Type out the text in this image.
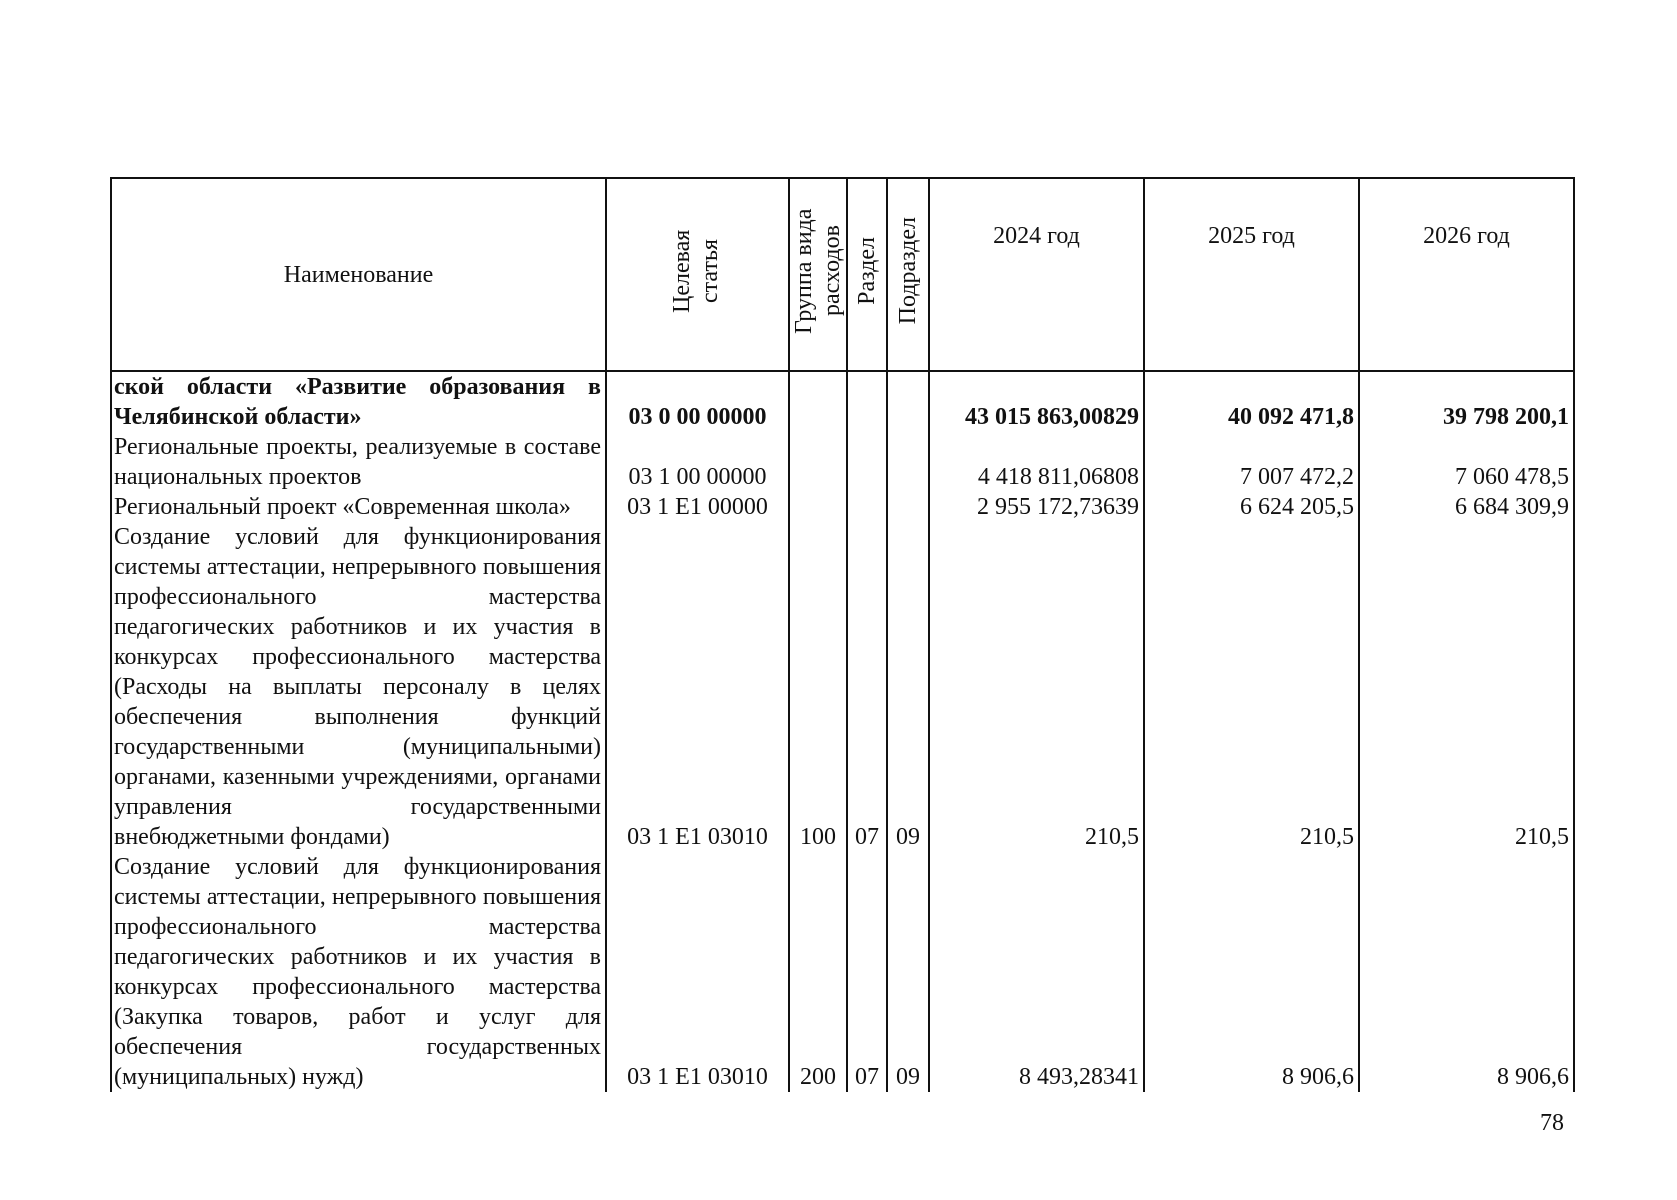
Наименование	Целевая статья	Группа вида расходов	Раздел	Подраздел	2024 год	2025 год	2026 год
ской области «Развитие образования в Челябинской области»	03 0 00 00000				43 015 863,00829	40 092 471,8	39 798 200,1
Региональные проекты, реализуемые в составе национальных проектов	03 1 00 00000				4 418 811,06808	7 007 472,2	7 060 478,5
Региональный проект «Современная школа»	03 1 E1 00000				2 955 172,73639	6 624 205,5	6 684 309,9
Создание условий для функционирования системы аттестации, непрерывного повышения профессионального мастерства педагогических работников и их участия в конкурсах профессионального мастерства (Расходы на выплаты персоналу в целях обеспечения выполнения функций государственными (муниципальными) органами, казенными учреждениями, органами управления государственными внебюджетными фондами)	03 1 E1 03010	100	07	09	210,5	210,5	210,5
Создание условий для функционирования системы аттестации, непрерывного повышения профессионального мастерства педагогических работников и их участия в конкурсах профессионального мастерства (Закупка товаров, работ и услуг для обеспечения государственных (муниципальных) нужд)	03 1 E1 03010	200	07	09	8 493,28341	8 906,6	8 906,6
78
